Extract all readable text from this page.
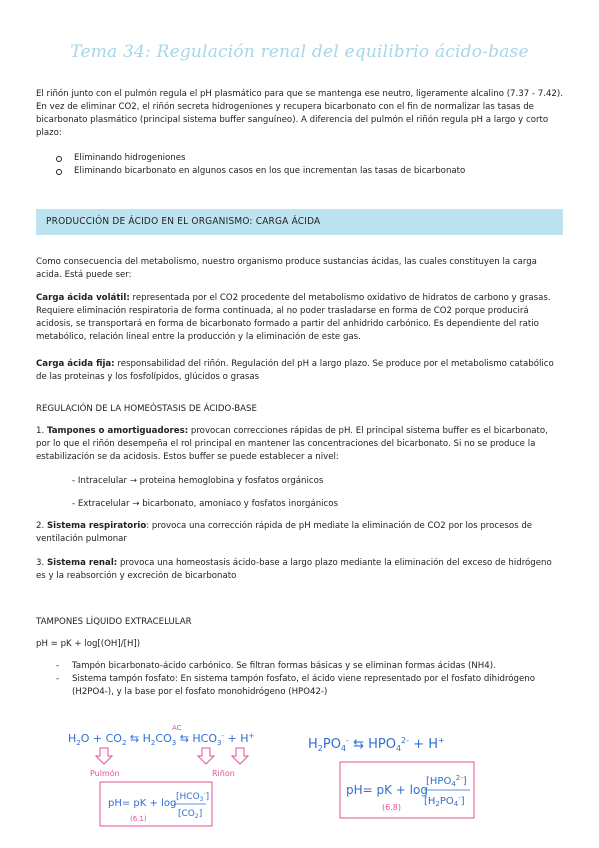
Tema 34: Regulación renal del equilibrio ácido-base
El riñón junto con el pulmón regula el pH plasmático para que se mantenga ese neutro, ligeramente alcalino (7.37 - 7.42). En vez de eliminar CO2, el riñón secreta hidrogeniones y recupera bicarbonato con el fin de normalizar las tasas de bicarbonato plasmático (principal sistema buffer sanguíneo). A diferencia del pulmón el riñón regula pH a largo y corto plazo:
Eliminando hidrogeniones
Eliminando bicarbonato en algunos casos en los que incrementan las tasas de bicarbonato
PRODUCCIÓN DE ÁCIDO EN EL ORGANISMO: CARGA ÁCIDA
Como consecuencia del metabolismo, nuestro organismo produce sustancias ácidas, las cuales constituyen la carga acida. Está puede ser:
Carga ácida volátil: representada por el CO2 procedente del metabolismo oxidativo de hidratos de carbono y grasas. Requiere eliminación respiratoria de forma continuada, al no poder trasladarse en forma de CO2 porque producirá acidosis, se transportará en forma de bicarbonato formado a partir del anhidrido carbónico. Es dependiente del ratio metabólico, relación lineal entre la producción y la eliminación de este gas.
Carga ácida fija: responsabilidad del riñón. Regulación del pH a largo plazo. Se produce por el metabolismo catabólico de las proteinas y los fosfolípidos, glúcidos o grasas
REGULACIÓN DE LA HOMEÓSTASIS DE ÁCIDO-BASE
1. Tampones o amortiguadores: provocan correcciones rápidas de pH. El principal sistema buffer es el bicarbonato, por lo que el riñón desempeña el rol principal en mantener las concentraciones del bicarbonato. Si no se produce la estabilización se da acidosis. Estos buffer se puede establecer a nivel:
- Intracelular → proteina hemoglobina y fosfatos orgánicos
- Extracelular → bicarbonato, amoniaco y fosfatos inorgánicos
2. Sistema respiratorio: provoca una corrección rápida de pH mediate la eliminación de CO2 por los procesos de ventilación pulmonar
3. Sistema renal: provoca una homeostasis ácido-base a largo plazo mediante la eliminación del exceso de hidrógeno es y la reabsorción y excreción de bicarbonato
TAMPONES LÍQUIDO EXTRACELULAR
pH = pK + log[(OH]/[H])
- Tampón bicarbonato-ácido carbónico. Se filtran formas básicas y se eliminan formas ácidas (NH4).
- Sistema tampón fosfato: En sistema tampón fosfato, el ácido viene representado por el fosfato dihidrógeno (H2PO4-), y la base por el fosfato monohidrógeno (HPO42-)
$H_2O + CO_2$ ⇆ $H_2CO_3$ ⇆ $HCO_3^- + H^+$
AC
Pulmón	Riñon
pH= pK + log
$[HCO_3^-]$
$[CO_2]$
(6.1)
$H_2PO_4^-$ ⇆ $HPO_4^{2-} + H^+$
pH= pK + log
$[HPO_4^{2-}]$
$[H_2PO_4^-]$
(6.8)
